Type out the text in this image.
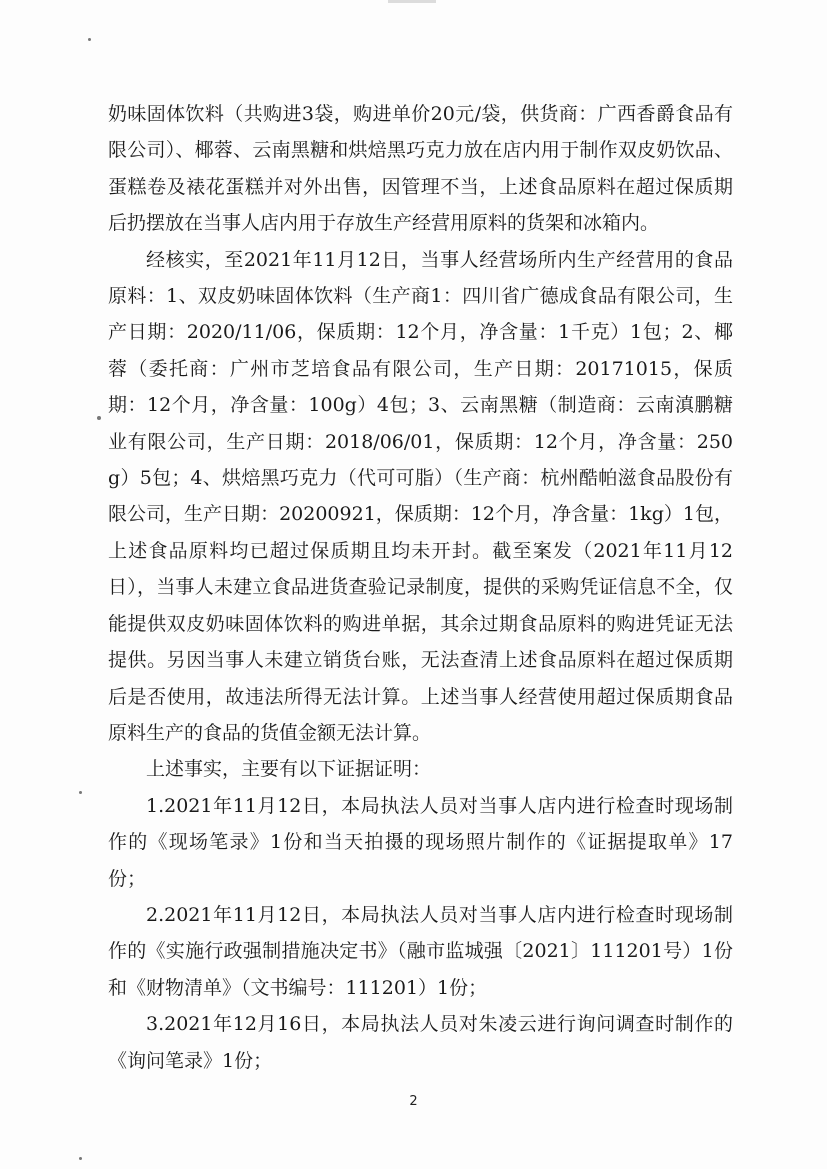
奶味固体饮料（共购进3袋，购进单价20元/袋，供货商：广西香爵食品有限公司）、椰蓉、云南黑糖和烘焙黑巧克力放在店内用于制作双皮奶饮品、蛋糕卷及裱花蛋糕并对外出售，因管理不当，上述食品原料在超过保质期后扔摆放在当事人店内用于存放生产经营用原料的货架和冰箱内。

经核实，至2021年11月12日，当事人经营场所内生产经营用的食品原料：1、双皮奶味固体饮料（生产商1：四川省广德成食品有限公司，生产日期：2020/11/06，保质期：12个月，净含量：1千克）1包；2、椰蓉（委托商：广州市芝培食品有限公司，生产日期：20171015，保质期：12个月，净含量：100g）4包；3、云南黑糖（制造商：云南滇鹏糖业有限公司，生产日期：2018/06/01，保质期：12个月，净含量：250g）5包；4、烘焙黑巧克力（代可可脂）（生产商：杭州酷帕滋食品股份有限公司，生产日期：20200921，保质期：12个月，净含量：1kg）1包，上述食品原料均已超过保质期且均未开封。截至案发（2021年11月12日），当事人未建立食品进货查验记录制度，提供的采购凭证信息不全，仅能提供双皮奶味固体饮料的购进单据，其余过期食品原料的购进凭证无法提供。另因当事人未建立销货台账，无法查清上述食品原料在超过保质期后是否使用，故违法所得无法计算。上述当事人经营使用超过保质期食品原料生产的食品的货值金额无法计算。

上述事实，主要有以下证据证明：

1.2021年11月12日，本局执法人员对当事人店内进行检查时现场制作的《现场笔录》1份和当天拍摄的现场照片制作的《证据提取单》17份；

2.2021年11月12日，本局执法人员对当事人店内进行检查时现场制作的《实施行政强制措施决定书》（融市监城强〔2021〕111201号）1份和《财物清单》（文书编号：111201）1份；

3.2021年12月16日，本局执法人员对朱凌云进行询问调查时制作的《询问笔录》1份；

2
